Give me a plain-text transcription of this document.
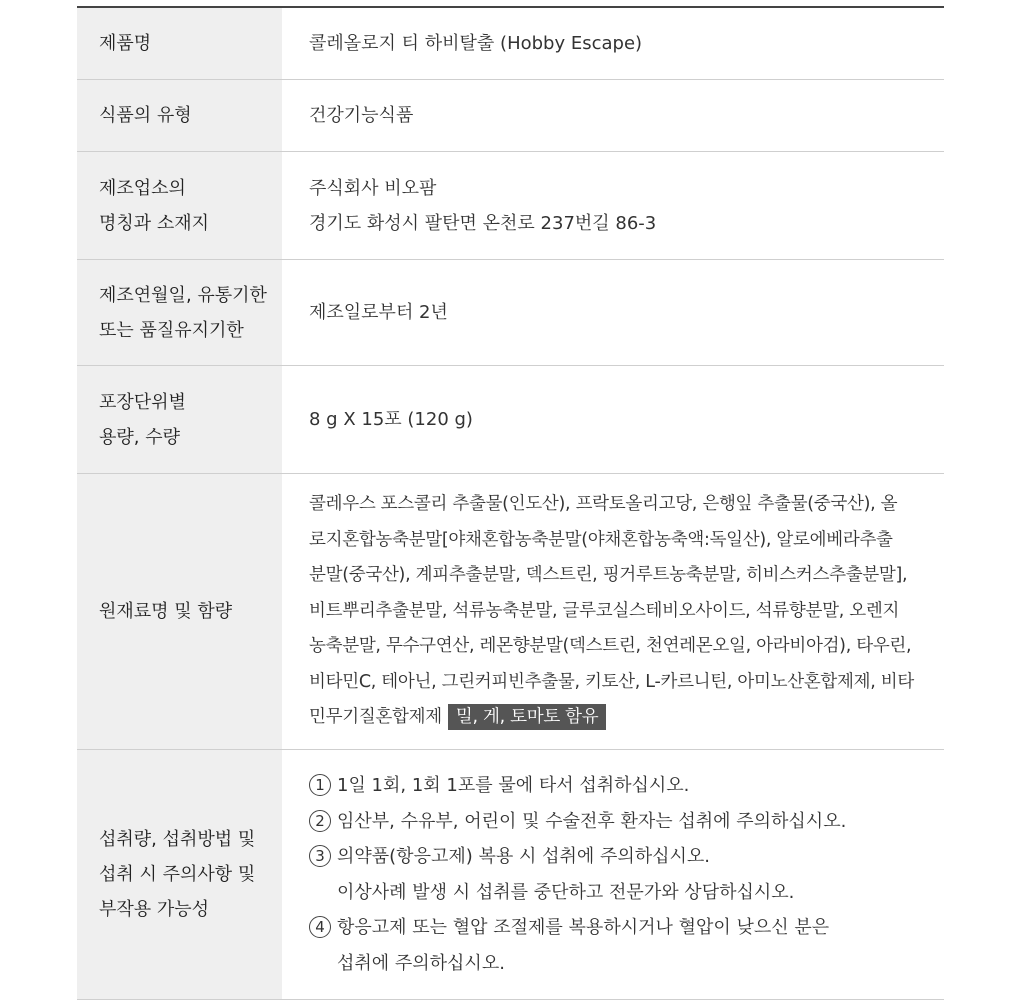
제품명	콜레올로지 티 하비탈출 (Hobby Escape)
식품의 유형	건강기능식품
제조업소의
명칭과 소재지
주식회사 비오팜
경기도 화성시 팔탄면 온천로 237번길 86-3
제조연월일, 유통기한
또는 품질유지기한
제조일로부터 2년
포장단위별
용량, 수량
8 g X 15포 (120 g)
원재료명 및 함량
콜레우스 포스콜리 추출물(인도산), 프락토올리고당, 은행잎 추출물(중국산), 올
로지혼합농축분말[야채혼합농축분말(야채혼합농축액:독일산), 알로에베라추출
분말(중국산), 계피추출분말, 덱스트린, 핑거루트농축분말, 히비스커스추출분말],
비트뿌리추출분말, 석류농축분말, 글루코실스테비오사이드, 석류향분말, 오렌지
농축분말, 무수구연산, 레몬향분말(덱스트린, 천연레몬오일, 아라비아검), 타우린,
비타민C, 테아닌, 그린커피빈추출물, 키토산, L-카르니틴, 아미노산혼합제제, 비타
민무기질혼합제제 밀, 게, 토마토 함유
섭취량, 섭취방법 및
섭취 시 주의사항 및
부작용 가능성
1 1일 1회, 1회 1포를 물에 타서 섭취하십시오.
2 임산부, 수유부, 어린이 및 수술전후 환자는 섭취에 주의하십시오.
3 의약품(항응고제) 복용 시 섭취에 주의하십시오.
이상사례 발생 시 섭취를 중단하고 전문가와 상담하십시오.
4 항응고제 또는 혈압 조절제를 복용하시거나 혈압이 낮으신 분은
섭취에 주의하십시오.
